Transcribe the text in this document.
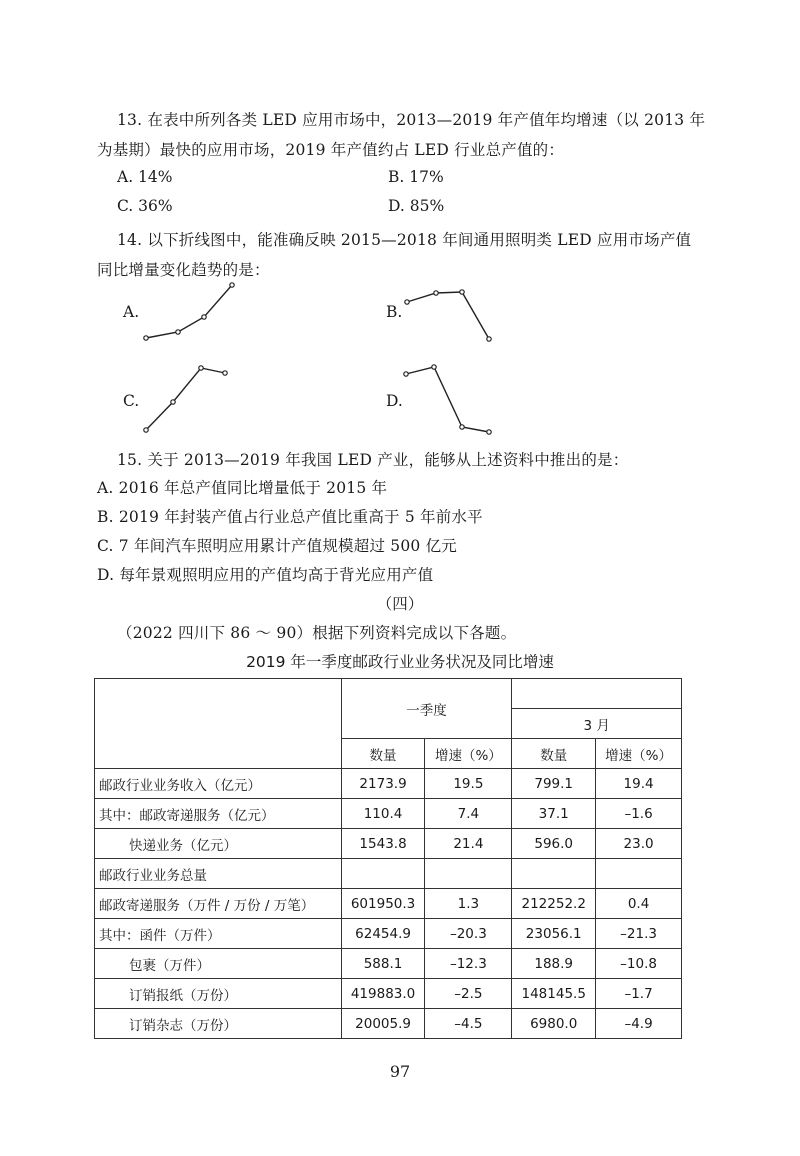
13. 在表中所列各类 LED 应用市场中，2013—2019 年产值年均增速（以 2013 年
为基期）最快的应用市场，2019 年产值约占 LED 行业总产值的：
A. 14%	B. 17%
C. 36%	D. 85%
14. 以下折线图中，能准确反映 2015—2018 年间通用照明类 LED 应用市场产值
同比增量变化趋势的是：
A.	B.
C.	D.
15. 关于 2013—2019 年我国 LED 产业，能够从上述资料中推出的是：
A. 2016 年总产值同比增量低于 2015 年
B. 2019 年封装产值占行业总产值比重高于 5 年前水平
C. 7 年间汽车照明应用累计产值规模超过 500 亿元
D. 每年景观照明应用的产值均高于背光应用产值
（四）
（2022 四川下 86 ～ 90）根据下列资料完成以下各题。
2019 年一季度邮政行业业务状况及同比增速
	一季度			
			3 月	
	数量	增速（%）	数量	增速（%）
邮政行业业务收入（亿元）	2173.9	19.5	799.1	19.4
其中：邮政寄递服务（亿元）	110.4	7.4	37.1	–1.6
快递业务（亿元）	1543.8	21.4	596.0	23.0
邮政行业业务总量				
邮政寄递服务（万件 / 万份 / 万笔）	601950.3	1.3	212252.2	0.4
其中：函件（万件）	62454.9	–20.3	23056.1	–21.3
包裹（万件）	588.1	–12.3	188.9	–10.8
订销报纸（万份）	419883.0	–2.5	148145.5	–1.7
订销杂志（万份）	20005.9	–4.5	6980.0	–4.9
97
